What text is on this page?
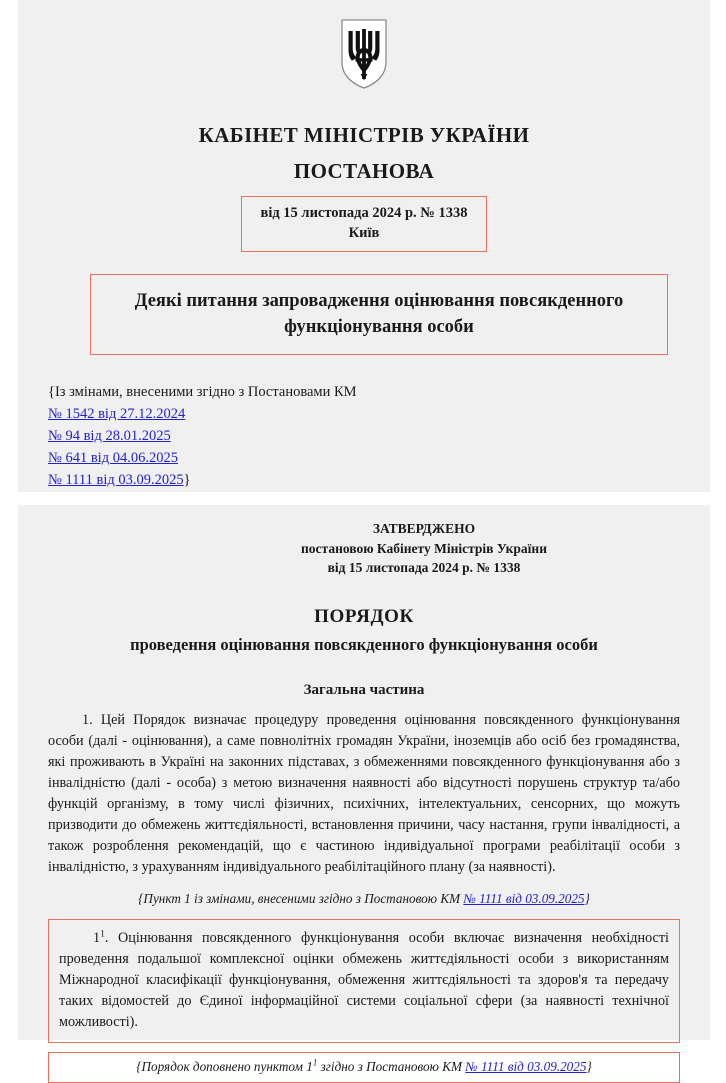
КАБІНЕТ МІНІСТРІВ УКРАЇНИ
ПОСТАНОВА
від 15 листопада 2024 р. № 1338
Київ
Деякі питання запровадження оцінювання повсякденного функціонування особи
{Із змінами, внесеними згідно з Постановами КМ
№ 1542 від 27.12.2024
№ 94 від 28.01.2025
№ 641 від 04.06.2025
№ 1111 від 03.09.2025}
ЗАТВЕРДЖЕНО
постановою Кабінету Міністрів України
від 15 листопада 2024 р. № 1338
ПОРЯДОК
проведення оцінювання повсякденного функціонування особи
Загальна частина
1. Цей Порядок визначає процедуру проведення оцінювання повсякденного функціонування особи (далі - оцінювання), а саме повнолітніх громадян України, іноземців або осіб без громадянства, які проживають в Україні на законних підставах, з обмеженнями повсякденного функціонування або з інвалідністю (далі - особа) з метою визначення наявності або відсутності порушень структур та/або функцій організму, в тому числі фізичних, психічних, інтелектуальних, сенсорних, що можуть призводити до обмежень життєдіяльності, встановлення причини, часу настання, групи інвалідності, а також розроблення рекомендацій, що є частиною індивідуальної програми реабілітації особи з інвалідністю, з урахуванням індивідуального реабілітаційного плану (за наявності).
{Пункт 1 із змінами, внесеними згідно з Постановою КМ № 1111 від 03.09.2025}
$1^1$. Оцінювання повсякденного функціонування особи включає визначення необхідності проведення подальшої комплексної оцінки обмежень життєдіяльності особи з використанням Міжнародної класифікації функціонування, обмеження життєдіяльності та здоров'я та передачу таких відомостей до Єдиної інформаційної системи соціальної сфери (за наявності технічної можливості).
{Порядок доповнено пунктом $1^1$ згідно з Постановою КМ № 1111 від 03.09.2025}
